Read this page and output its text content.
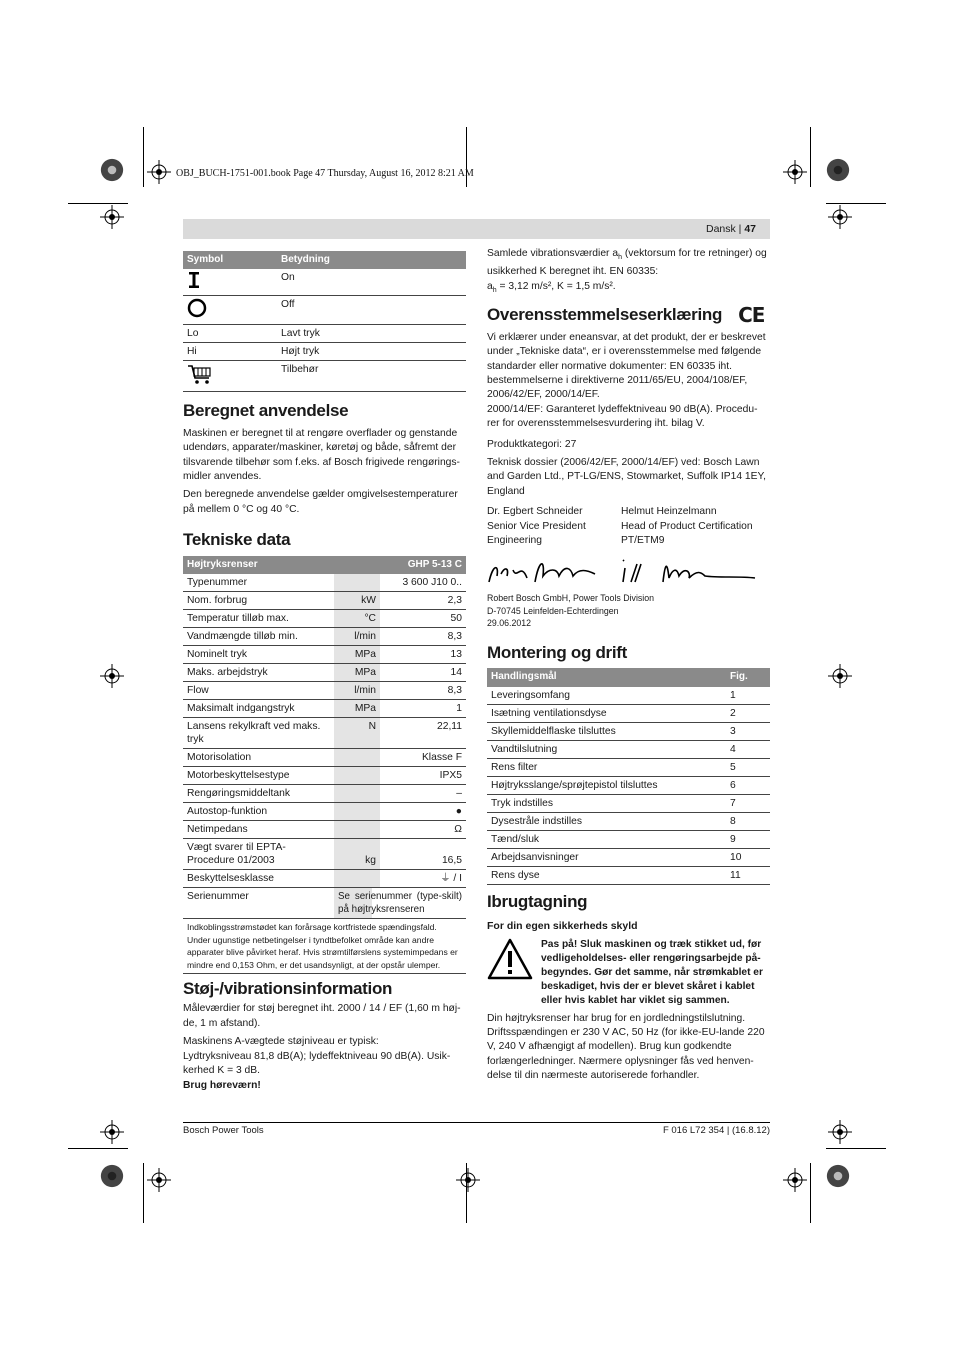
OBJ_BUCH-1751-001.book Page 47 Thursday, August 16, 2012 8:21 AM
Dansk | 47
Symbol	Betydning
	On
	Off
Lo	Lavt tryk
Hi	Højt tryk
	Tilbehør
Beregnet anvendelse

Maskinen er beregnet til at rengøre overflader og genstande udendørs, apparater/maskiner, køretøj og både, såfremt der tilsvarende tilbehør som f.eks. af Bosch frigivede rengørings-midler anvendes.

Den beregnede anvendelse gælder omgivelsestemperaturer på mellem 0 °C og 40 °C.

Tekniske data
Højtryksrenser		GHP 5-13 C
Typenummer		3 600 J10 0..
Nom. forbrug	kW	2,3
Temperatur tilløb max.	°C	50
Vandmængde tilløb min.	l/min	8,3
Nominelt tryk	MPa	13
Maks. arbejdstryk	MPa	14
Flow	l/min	8,3
Maksimalt indgangstryk	MPa	1
Lansens rekylkraft ved maks. tryk	N	22,11
Motorisolation		Klasse F
Motorbeskyttelsestype		IPX5
Rengøringsmiddeltank		–
Autostop-funktion		●
Netimpedans		Ω
Vægt svarer til EPTA-Procedure 01/2003	kg	16,5
Beskyttelsesklasse		⏚ / I
Serienummer	Se serienummer (type-skilt) på højtryksrenseren	
Indkoblingsstrømstødet kan forårsage kortfristede spændingsfald. Under ugunstige netbetingelser i tyndtbefolket område kan andre apparater blive påvirket heraf. Hvis strømtilførslens systemimpedans er mindre end 0,153 Ohm, er det usandsynligt, at der opstår ulemper.		
Støj-/vibrationsinformation

Måleværdier for støj beregnet iht. 2000 / 14 / EF (1,60 m høj-de, 1 m afstand).

Maskinens A-vægtede støjniveau er typisk:

Lydtryksniveau 81,8 dB(A); lydeffektniveau 90 dB(A). Usik-kerhed K = 3 dB.

Brug høreværn!

Samlede vibrationsværdier $a_h$ (vektorsum for tre retninger) og usikkerhed K beregnet iht. EN 60335:
$a_h = 3,12$ m/s², K = 1,5 m/s².

Overensstemmelseserklæring CE

Vi erklærer under eneansvar, at det produkt, der er beskrevet under „Tekniske data“, er i overensstemmelse med følgende standarder eller normative dokumenter: EN 60335 iht. bestemmelserne i direktiverne 2011/65/EU, 2004/108/EF, 2006/42/EF, 2000/14/EF.

2000/14/EF: Garanteret lydeffektniveau 90 dB(A). Procedu-rer for overensstemmelsesvurdering iht. bilag V.

Produktkategori: 27

Teknisk dossier (2006/42/EF, 2000/14/EF) ved: Bosch Lawn and Garden Ltd., PT-LG/ENS, Stowmarket, Suffolk IP14 1EY, England

Dr. Egbert Schneider
Senior Vice President
Engineering
Helmut Heinzelmann
Head of Product Certification
PT/ETM9
Robert Bosch GmbH, Power Tools Division
D-70745 Leinfelden-Echterdingen
29.06.2012
Montering og drift
Handlingsmål	Fig.
Leveringsomfang	1
Isætning ventilationsdyse	2
Skyllemiddelflaske tilsluttes	3
Vandtilslutning	4
Rens filter	5
Højtryksslange/sprøjtepistol tilsluttes	6
Tryk indstilles	7
Dysestråle indstilles	8
Tænd/sluk	9
Arbejdsanvisninger	10
Rens dyse	11
Ibrugtagning

For din egen sikkerheds skyld

Pas på! Sluk maskinen og træk stikket ud, før vedligeholdelses- eller rengøringsarbejde på-begyndes. Gør det samme, når strømkablet er beskadiget, hvis der er blevet skåret i kablet eller hvis kablet har viklet sig sammen.

Din højtryksrenser har brug for en jordledningstilslutning. Driftsspændingen er 230 V AC, 50 Hz (for ikke-EU-lande 220 V, 240 V afhængigt af modellen). Brug kun godkendte forlængerledninger. Nærmere oplysninger fås ved henven-delse til din nærmeste autoriserede forhandler.

Bosch Power Tools	F 016 L72 354 | (16.8.12)
